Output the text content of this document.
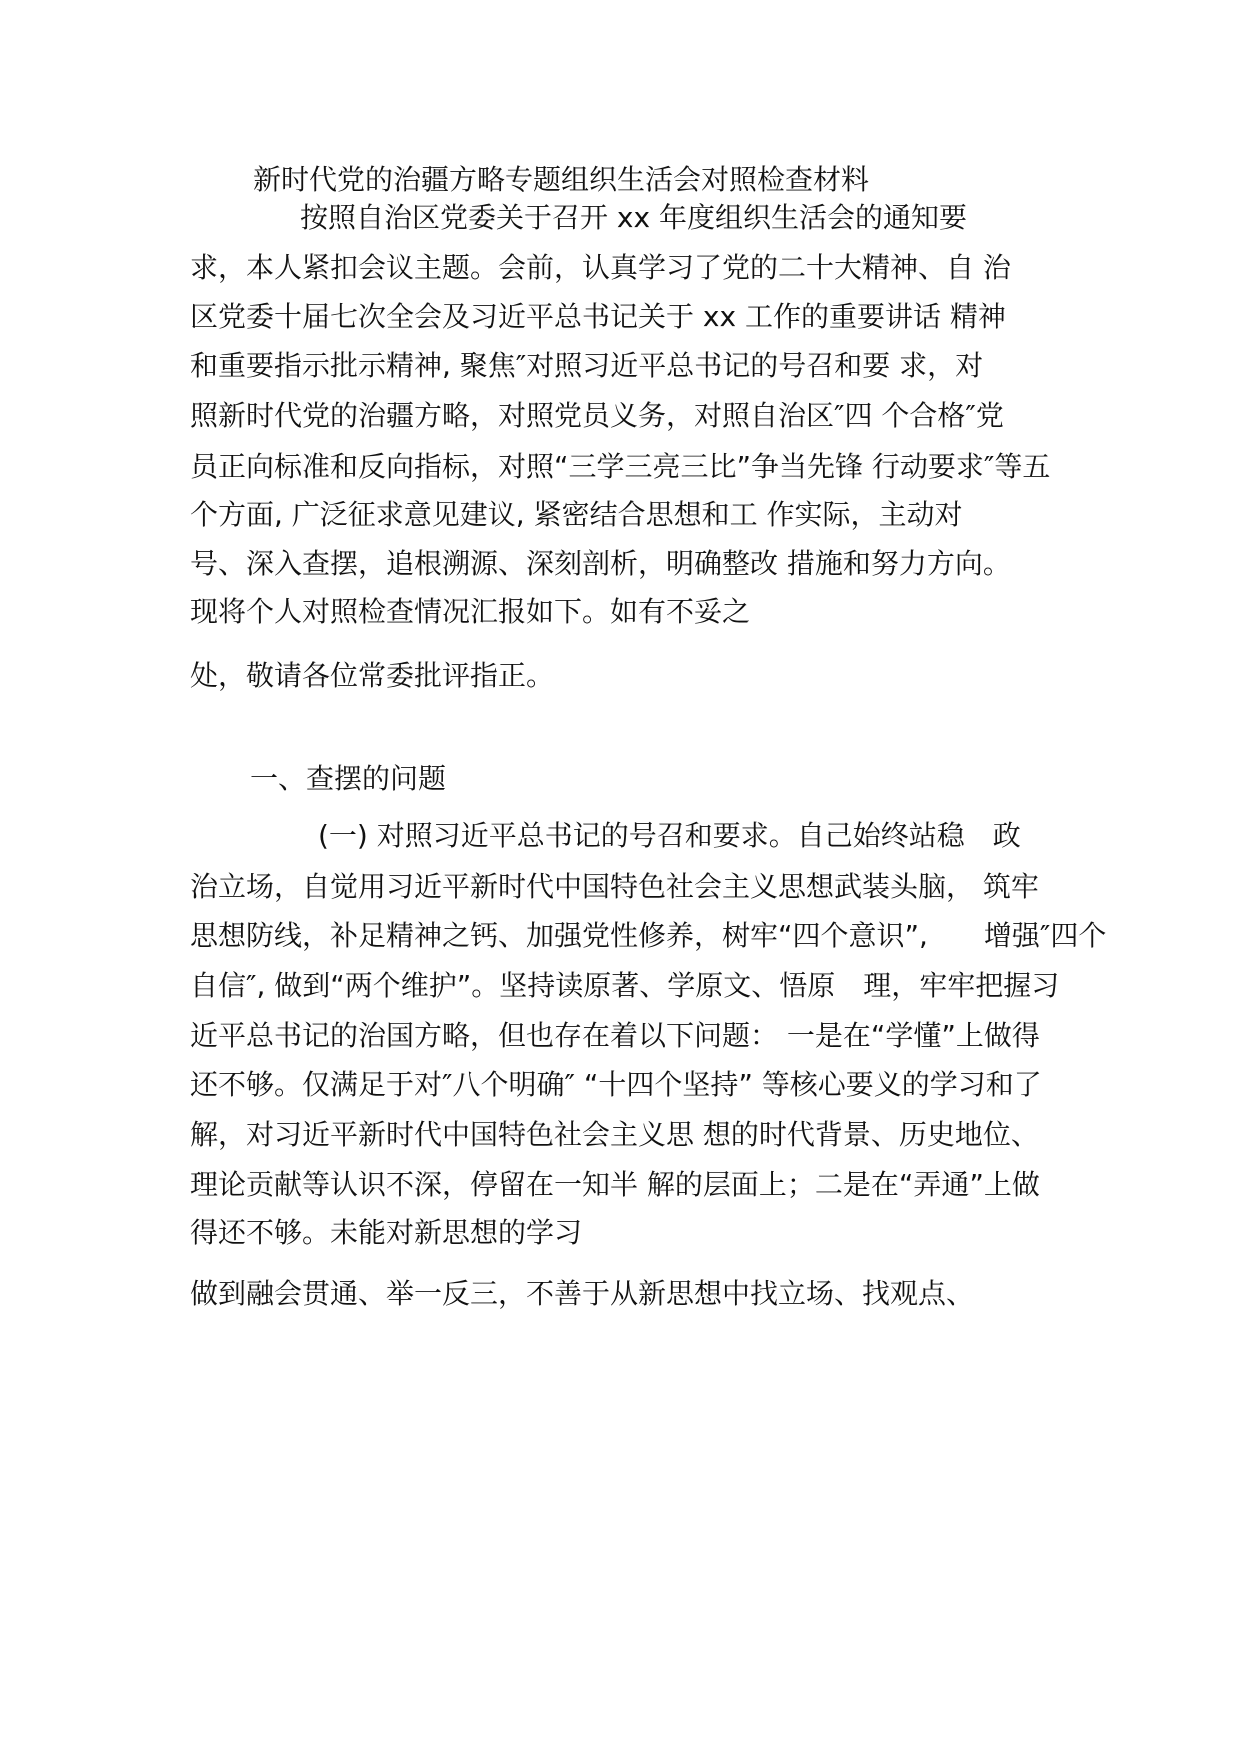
新时代党的治疆方略专题组织生活会对照检查材料
按照自治区党委关于召开 xx 年度组织生活会的通知要
求，本人紧扣会议主题。会前，认真学习了党的二十大精神、自 治
区党委十届七次全会及习近平总书记关于 xx 工作的重要讲话 精神
和重要指示批示精神, 聚焦″对照习近平总书记的号召和要 求，对
照新时代党的治疆方略，对照党员义务，对照自治区″四 个合格″党
员正向标准和反向指标，对照“三学三亮三比”争当先锋 行动要求″等五
个方面, 广泛征求意见建议, 紧密结合思想和工 作实际，主动对
号、深入查摆，追根溯源、深刻剖析，明确整改 措施和努力方向。
现将个人对照检查情况汇报如下。如有不妥之
处，敬请各位常委批评指正。
一、查摆的问题
(一) 对照习近平总书记的号召和要求。自己始终站稳　政
治立场，自觉用习近平新时代中国特色社会主义思想武装头脑， 筑牢
思想防线，补足精神之钙、加强党性修养，树牢“四个意识”,　　增强″四个
自信″, 做到“两个维护”。坚持读原著、学原文、悟原　理，牢牢把握习
近平总书记的治国方略，但也存在着以下问题： 一是在“学懂”上做得
还不够。仅满足于对″八个明确″ “十四个坚持” 等核心要义的学习和了
解，对习近平新时代中国特色社会主义思 想的时代背景、历史地位、
理论贡献等认识不深，停留在一知半 解的层面上；二是在“弄通”上做
得还不够。未能对新思想的学习
做到融会贯通、举一反三，不善于从新思想中找立场、找观点、
